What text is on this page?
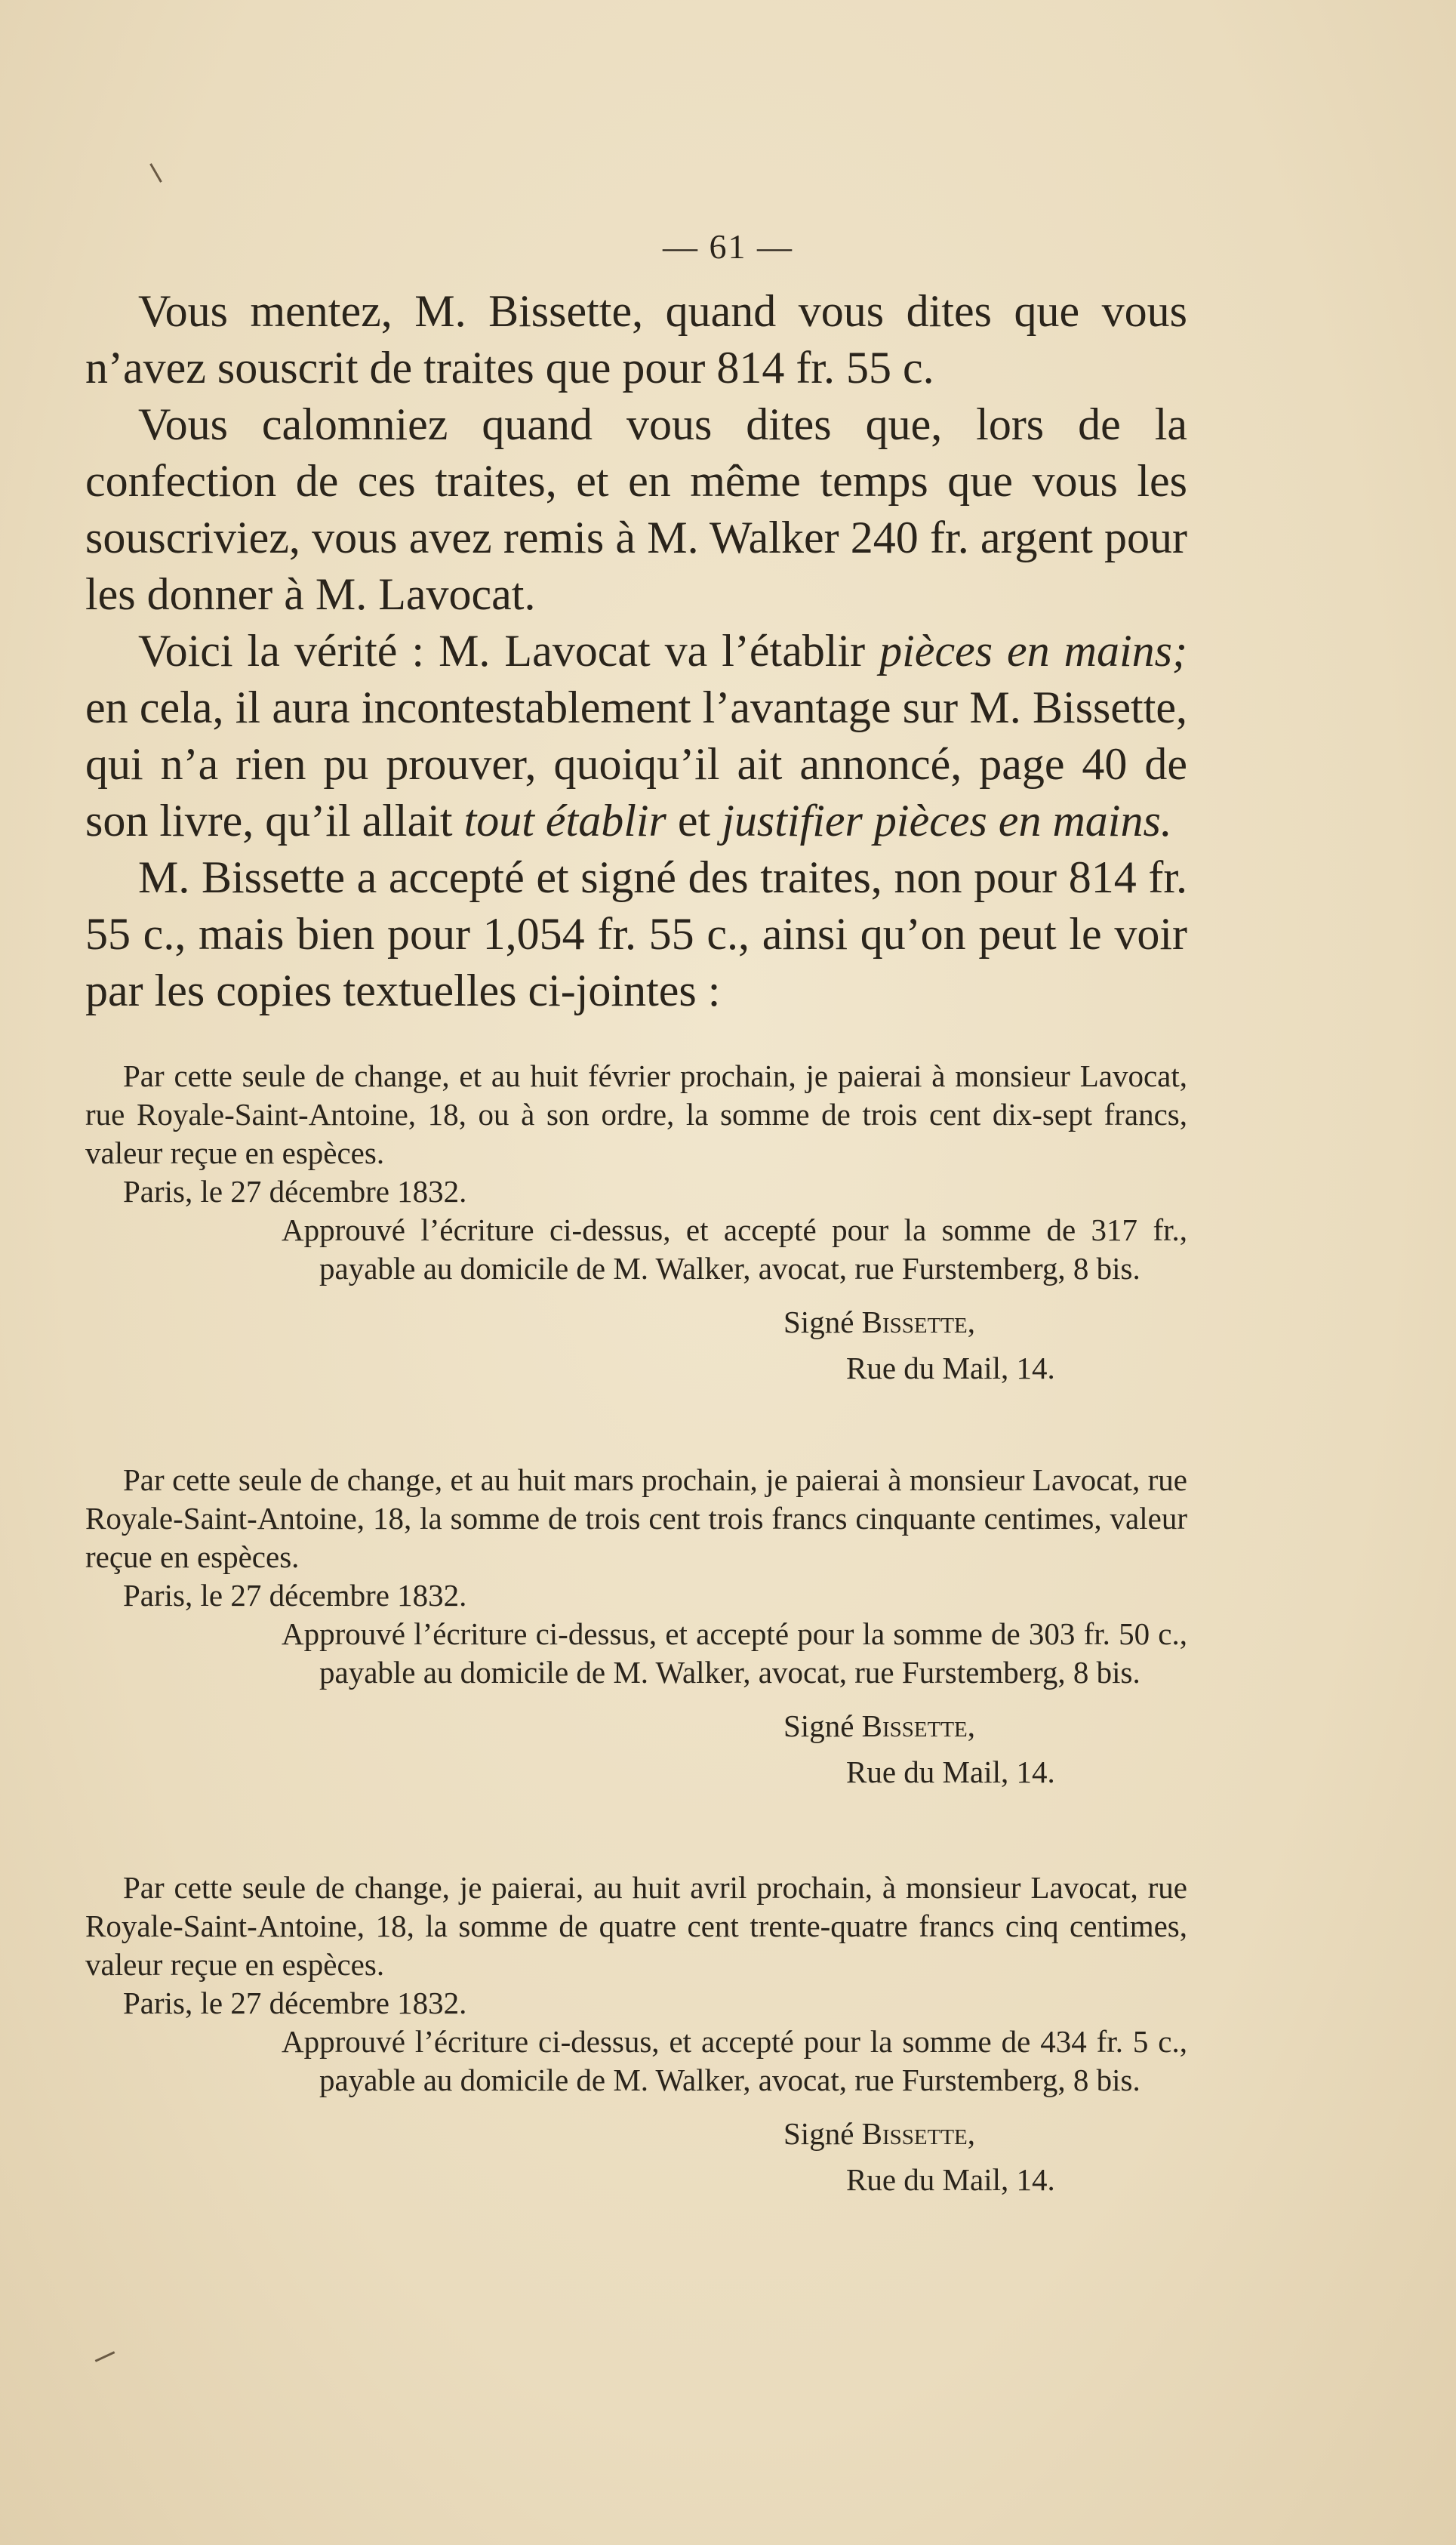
— 61 —

Vous mentez, M. Bissette, quand vous dites que vous n’avez souscrit de traites que pour 814 fr. 55 c.

Vous calomniez quand vous dites que, lors de la confection de ces traites, et en même temps que vous les souscriviez, vous avez remis à M. Walker 240 fr. argent pour les donner à M. Lavocat.

Voici la vérité : M. Lavocat va l’établir pièces en mains; en cela, il aura incontestablement l’avantage sur M. Bissette, qui n’a rien pu prouver, quoiqu’il ait annoncé, page 40 de son livre, qu’il allait tout établir et justifier pièces en mains.

M. Bissette a accepté et signé des traites, non pour 814 fr. 55 c., mais bien pour 1,054 fr. 55 c., ainsi qu’on peut le voir par les copies textuelles ci-jointes :

Par cette seule de change, et au huit février prochain, je paierai à monsieur Lavocat, rue Royale-Saint-Antoine, 18, ou à son ordre, la somme de trois cent dix-sept francs, valeur reçue en espèces.

Paris, le 27 décembre 1832.

Approuvé l’écriture ci-dessus, et accepté pour la somme de 317 fr., payable au domicile de M. Walker, avocat, rue Furstemberg, 8 bis.

Signé Bissette,

Rue du Mail, 14.

Par cette seule de change, et au huit mars prochain, je paierai à monsieur Lavocat, rue Royale-Saint-Antoine, 18, la somme de trois cent trois francs cinquante centimes, valeur reçue en espèces.

Paris, le 27 décembre 1832.

Approuvé l’écriture ci-dessus, et accepté pour la somme de 303 fr. 50 c., payable au domicile de M. Walker, avocat, rue Furstemberg, 8 bis.

Signé Bissette,

Rue du Mail, 14.

Par cette seule de change, je paierai, au huit avril prochain, à monsieur Lavocat, rue Royale-Saint-Antoine, 18, la somme de quatre cent trente-quatre francs cinq centimes, valeur reçue en espèces.

Paris, le 27 décembre 1832.

Approuvé l’écriture ci-dessus, et accepté pour la somme de 434 fr. 5 c., payable au domicile de M. Walker, avocat, rue Furstemberg, 8 bis.

Signé Bissette,

Rue du Mail, 14.
